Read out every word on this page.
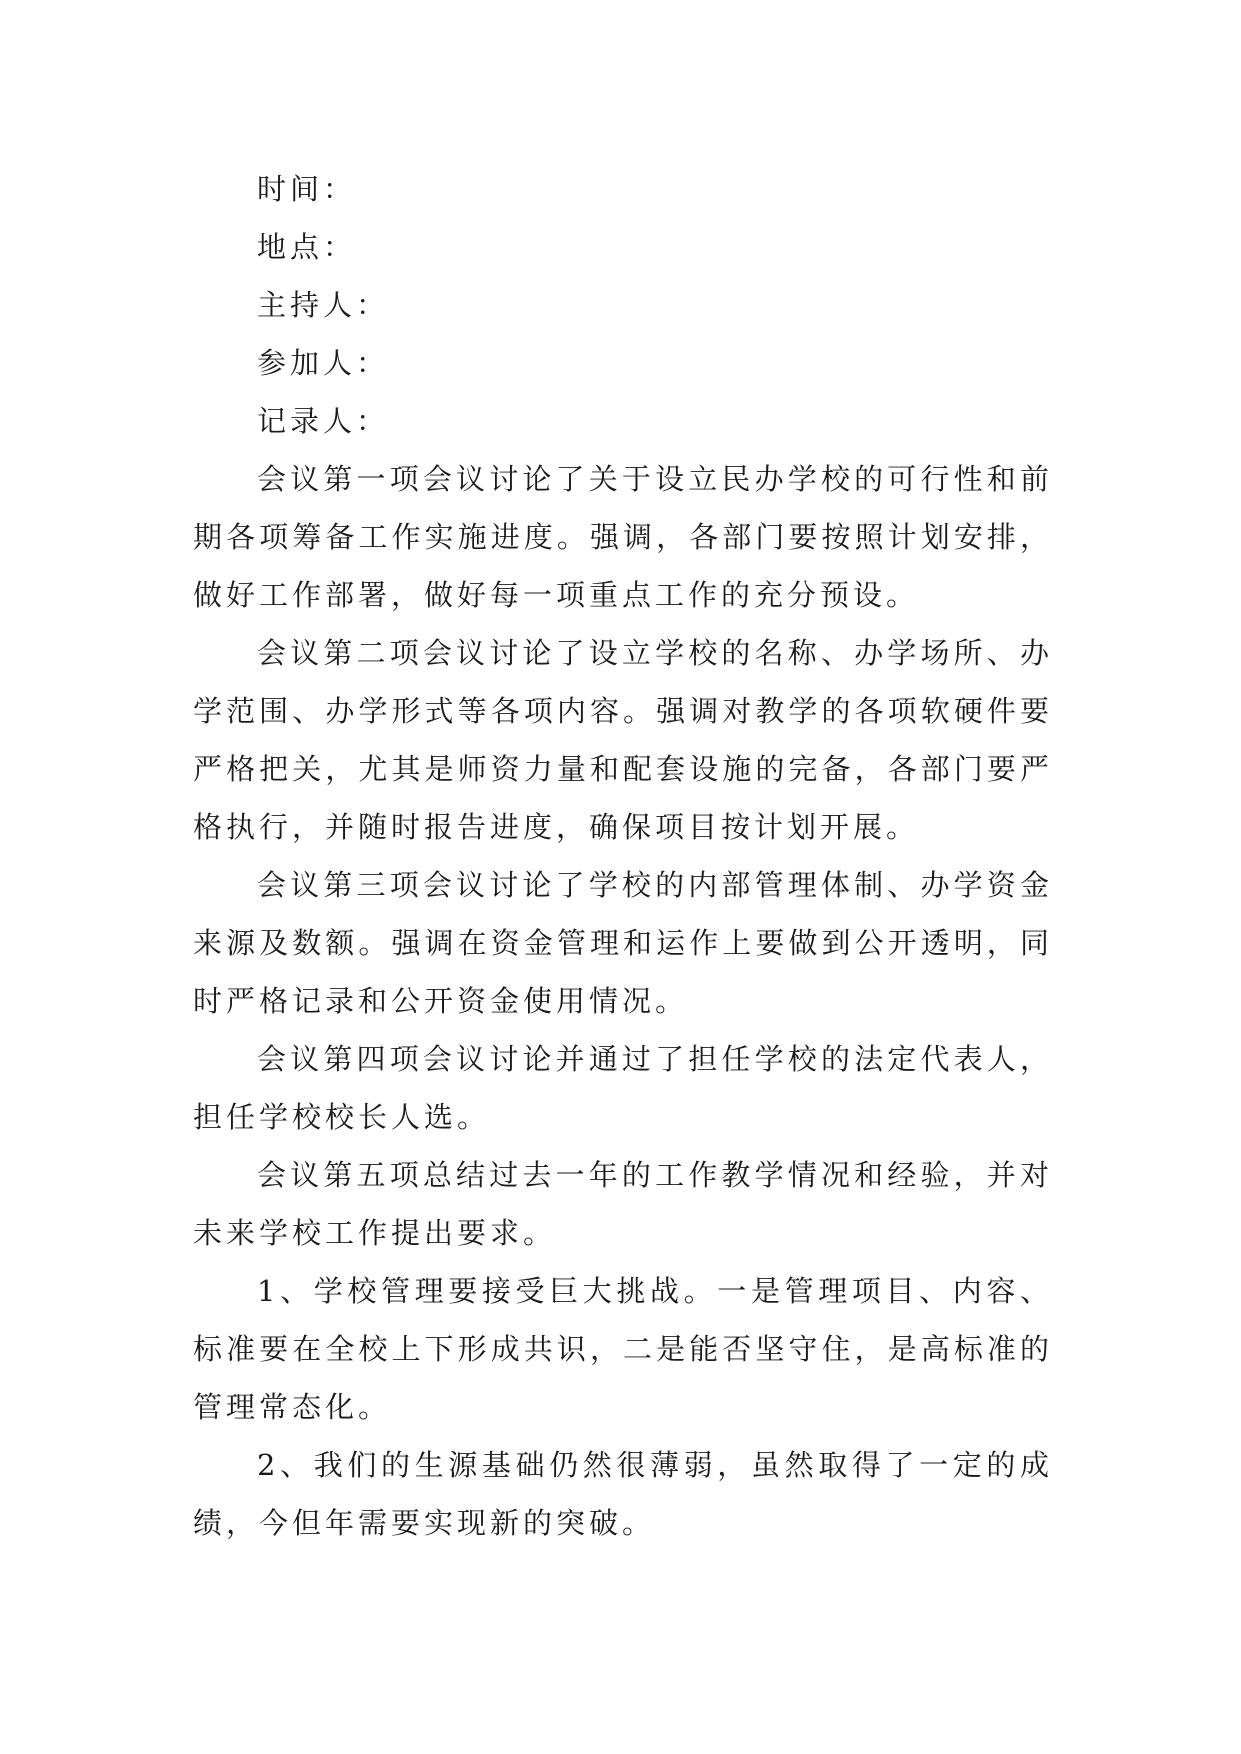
时间：

地点：

主持人：

参加人：

记录人：

会议第一项会议讨论了关于设立民办学校的可行性和前期各项筹备工作实施进度。强调，各部门要按照计划安排，做好工作部署，做好每一项重点工作的充分预设。

会议第二项会议讨论了设立学校的名称、办学场所、办学范围、办学形式等各项内容。强调对教学的各项软硬件要严格把关，尤其是师资力量和配套设施的完备，各部门要严格执行，并随时报告进度，确保项目按计划开展。

会议第三项会议讨论了学校的内部管理体制、办学资金来源及数额。强调在资金管理和运作上要做到公开透明，同时严格记录和公开资金使用情况。

会议第四项会议讨论并通过了担任学校的法定代表人，担任学校校长人选。

会议第五项总结过去一年的工作教学情况和经验，并对未来学校工作提出要求。

1、学校管理要接受巨大挑战。一是管理项目、内容、标准要在全校上下形成共识，二是能否坚守住，是高标准的管理常态化。

2、我们的生源基础仍然很薄弱，虽然取得了一定的成绩，今但年需要实现新的突破。
